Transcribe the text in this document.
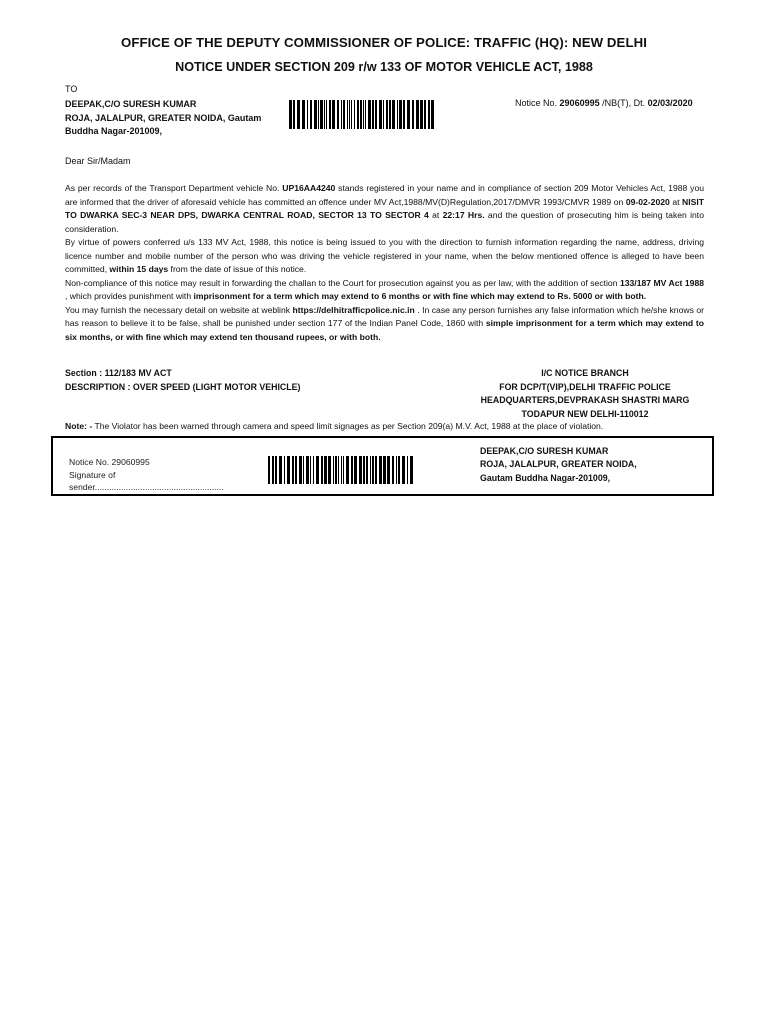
OFFICE OF THE DEPUTY COMMISSIONER OF POLICE: TRAFFIC (HQ): NEW DELHI
NOTICE UNDER SECTION 209 r/w 133 OF MOTOR VEHICLE ACT, 1988
TO
DEEPAK,C/O SURESH KUMAR
ROJA, JALALPUR, GREATER NOIDA, Gautam
Buddha Nagar-201009,
Notice No. 29060995 /NB(T), Dt. 02/03/2020
Dear Sir/Madam

As per records of the Transport Department vehicle No. UP16AA4240 stands registered in your name and in compliance of section 209 Motor Vehicles Act, 1988 you are informed that the driver of aforesaid vehicle has committed an offence under MV Act,1988/MV(D)Regulation,2017/DMVR 1993/CMVR 1989 on 09-02-2020 at NISIT TO DWARKA SEC-3 NEAR DPS, DWARKA CENTRAL ROAD, SECTOR 13 TO SECTOR 4 at 22:17 Hrs. and the question of prosecuting him is being taken into consideration.

By virtue of powers conferred u/s 133 MV Act, 1988, this notice is being issued to you with the direction to furnish information regarding the name, address, driving licence number and mobile number of the person who was driving the vehicle registered in your name, when the below mentioned offence is alleged to have been committed, within 15 days from the date of issue of this notice.

Non-compliance of this notice may result in forwarding the challan to the Court for prosecution against you as per law, with the addition of section 133/187 MV Act 1988 , which provides punishment with imprisonment for a term which may extend to 6 months or with fine which may extend to Rs. 5000 or with both.

You may furnish the necessary detail on website at weblink https://delhitrafficpolice.nic.in . In case any person furnishes any false information which he/she knows or has reason to believe it to be false, shall be punished under section 177 of the Indian Panel Code, 1860 with simple imprisonment for a term which may extend to six months, or with fine which may extend ten thousand rupees, or with both.

Section : 112/183 MV ACT
DESCRIPTION : OVER SPEED (LIGHT MOTOR VEHICLE)
I/C NOTICE BRANCH
FOR DCP/T(VIP),DELHI TRAFFIC POLICE
HEADQUARTERS,DEVPRAKASH SHASTRI MARG
TODAPUR NEW DELHI-110012
Note: - The Violator has been warned through camera and speed limit signages as per Section 209(a) M.V. Act, 1988 at the place of violation.
Notice No. 29060995
Signature of
sender......................................................
DEEPAK,C/O SURESH KUMAR
ROJA, JALALPUR, GREATER NOIDA,
Gautam Buddha Nagar-201009,
